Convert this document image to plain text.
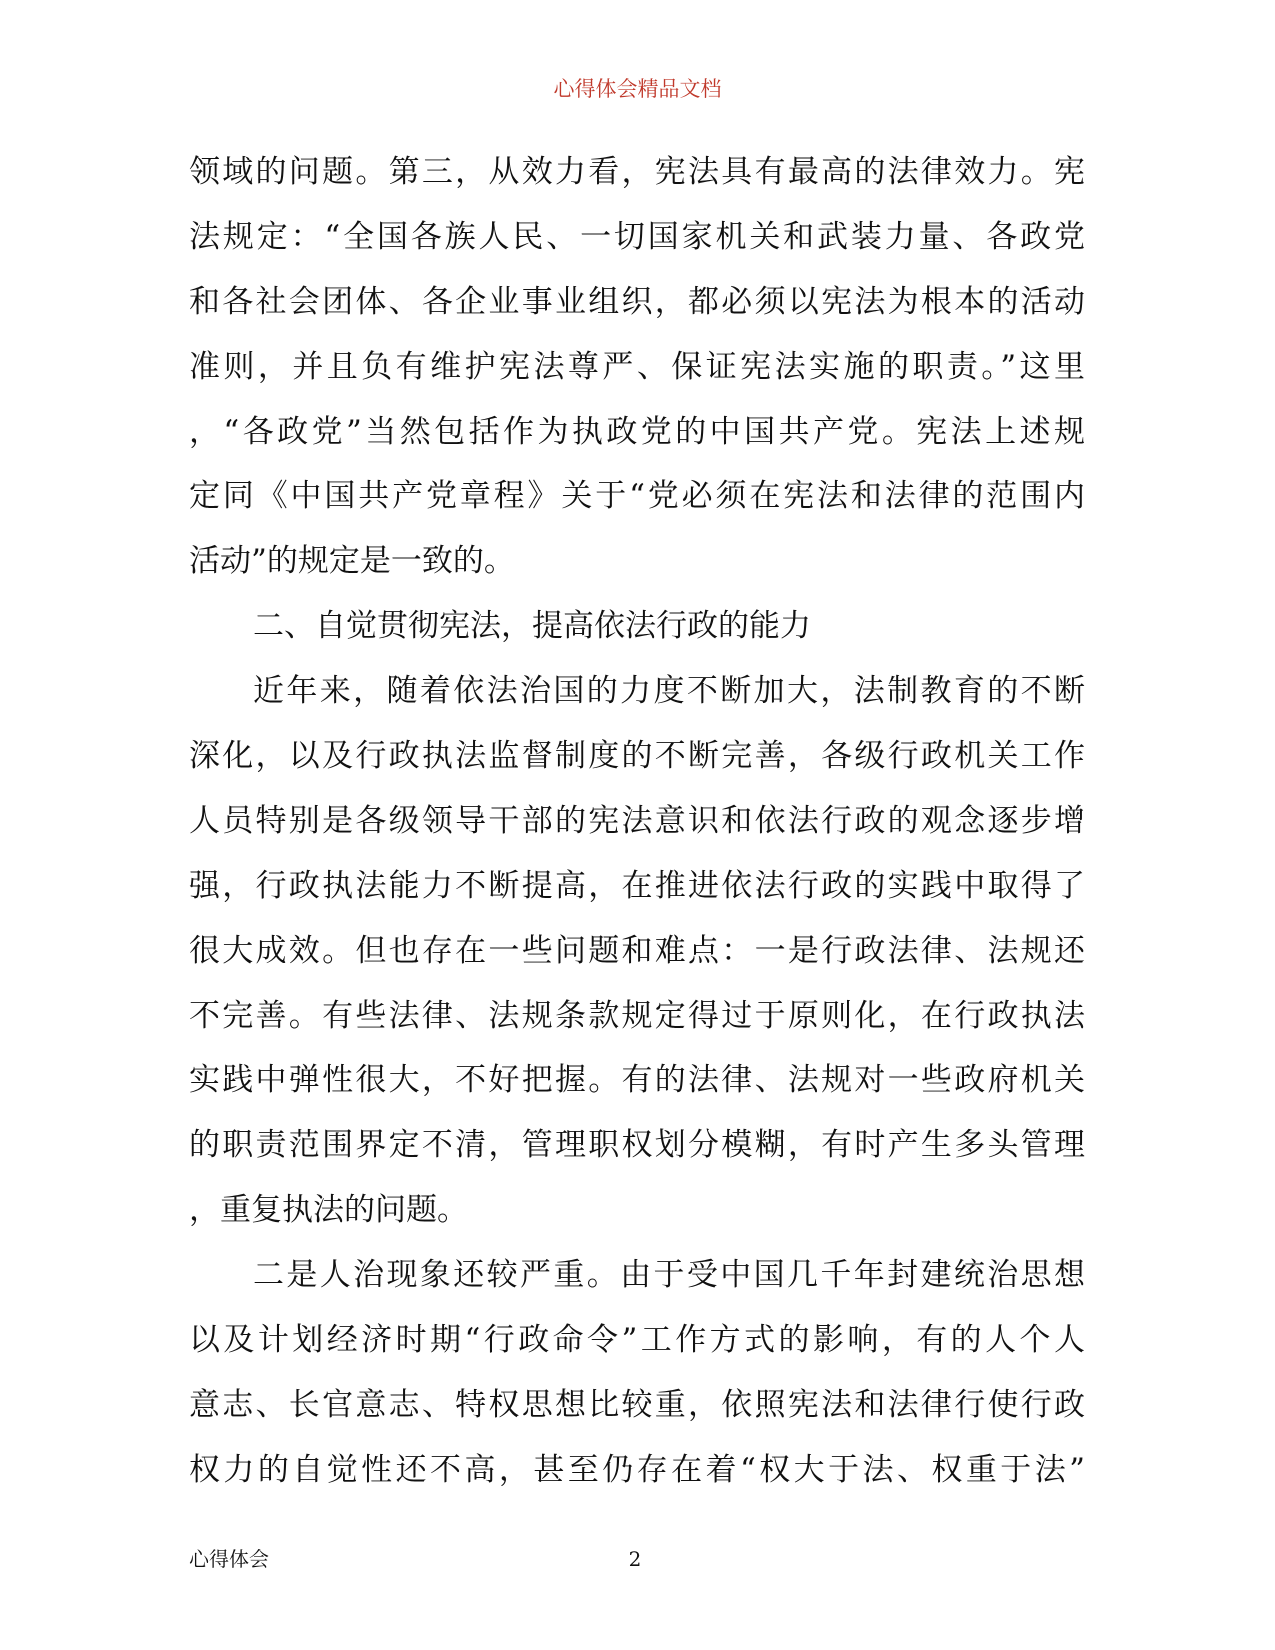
心得体会精品文档
领域的问题。第三，从效力看，宪法具有最高的法律效力。宪
法规定：“全国各族人民、一切国家机关和武装力量、各政党
和各社会团体、各企业事业组织，都必须以宪法为根本的活动
准则，并且负有维护宪法尊严、保证宪法实施的职责。”这里
，“各政党”当然包括作为执政党的中国共产党。宪法上述规
定同《中国共产党章程》关于“党必须在宪法和法律的范围内
活动”的规定是一致的。
二、自觉贯彻宪法，提高依法行政的能力
近年来，随着依法治国的力度不断加大，法制教育的不断
深化，以及行政执法监督制度的不断完善，各级行政机关工作
人员特别是各级领导干部的宪法意识和依法行政的观念逐步增
强，行政执法能力不断提高，在推进依法行政的实践中取得了
很大成效。但也存在一些问题和难点：一是行政法律、法规还
不完善。有些法律、法规条款规定得过于原则化，在行政执法
实践中弹性很大，不好把握。有的法律、法规对一些政府机关
的职责范围界定不清，管理职权划分模糊，有时产生多头管理
，重复执法的问题。
二是人治现象还较严重。由于受中国几千年封建统治思想
以及计划经济时期“行政命令”工作方式的影响，有的人个人
意志、长官意志、特权思想比较重，依照宪法和法律行使行政
权力的自觉性还不高，甚至仍存在着“权大于法、权重于法”
心得体会	2
